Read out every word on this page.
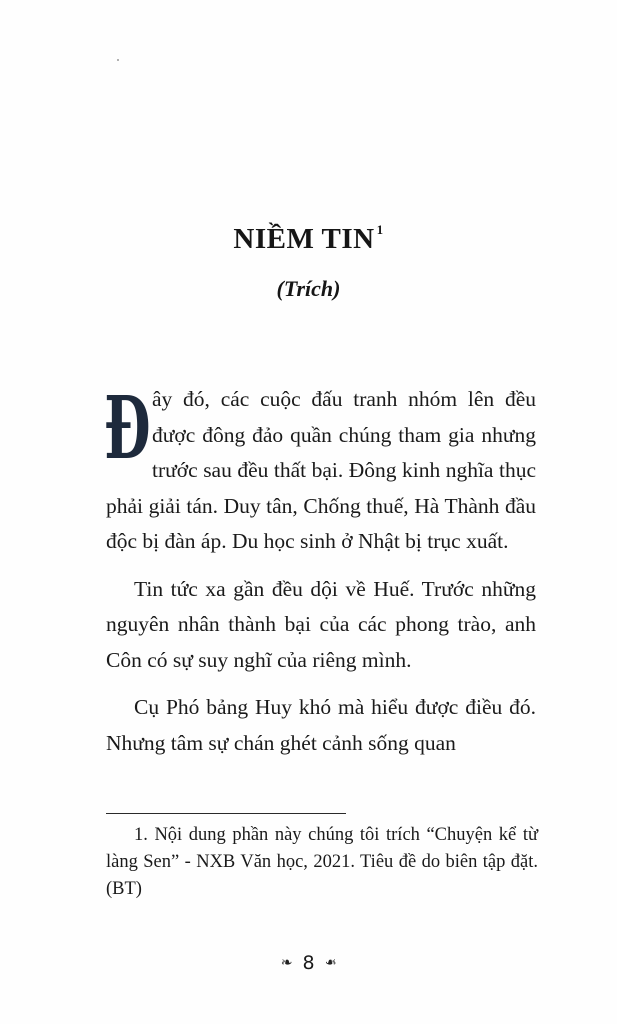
NIỀM TIN $^1$
(Trích)

Đây đó, các cuộc đấu tranh nhóm lên đều được đông đảo quần chúng tham gia nhưng trước sau đều thất bại. Đông kinh nghĩa thục phải giải tán. Duy tân, Chống thuế, Hà Thành đầu độc bị đàn áp. Du học sinh ở Nhật bị trục xuất.

Tin tức xa gần đều dội về Huế. Trước những nguyên nhân thành bại của các phong trào, anh Côn có sự suy nghĩ của riêng mình.

Cụ Phó bảng Huy khó mà hiểu được điều đó. Nhưng tâm sự chán ghét cảnh sống quan

1. Nội dung phần này chúng tôi trích “Chuyện kể từ làng Sen” - NXB Văn học, 2021. Tiêu đề do biên tập đặt. (BT)
❧ 8 ❧
